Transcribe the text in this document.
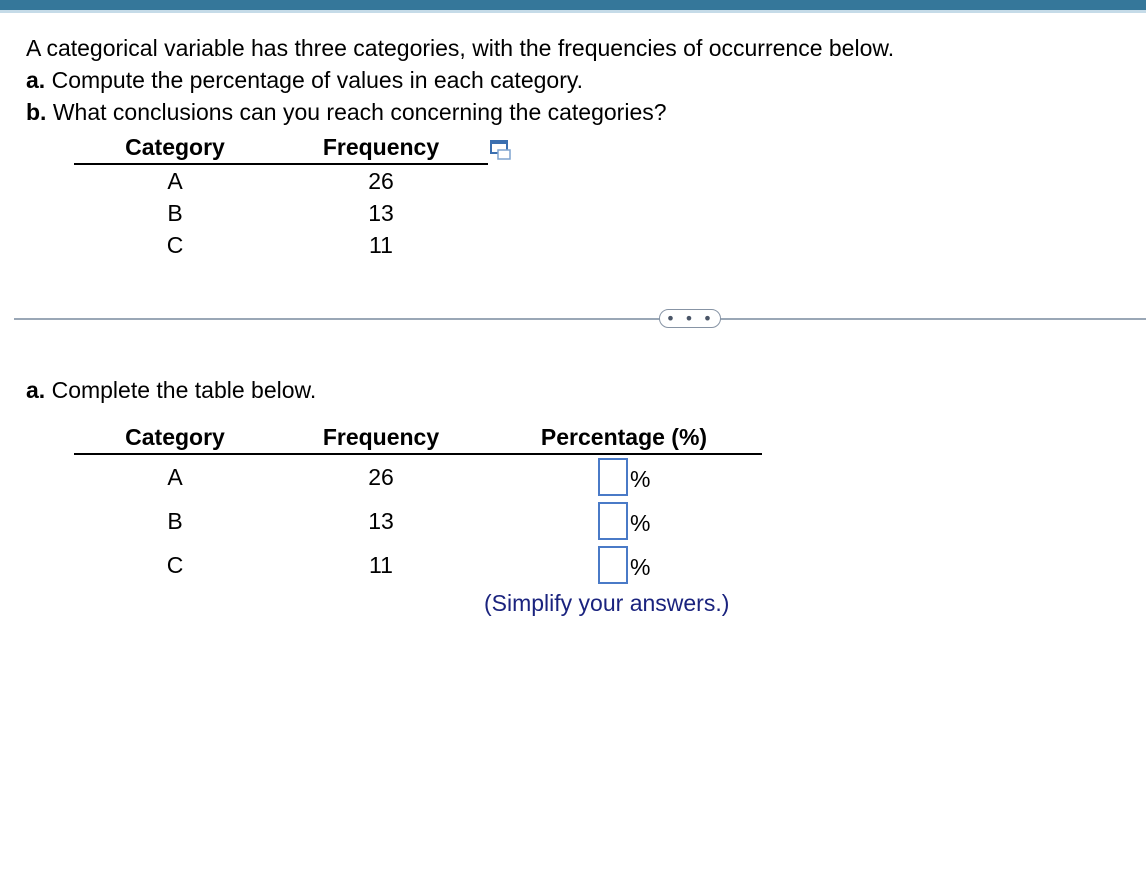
A categorical variable has three categories, with the frequencies of occurrence below.
a. Compute the percentage of values in each category.
b. What conclusions can you reach concerning the categories?
Category	Frequency
A	26
B	13
C	11
• • •
a. Complete the table below.
Category	Frequency	Percentage (%)
A	26	%
B	13	%
C	11	%
(Simplify your answers.)
